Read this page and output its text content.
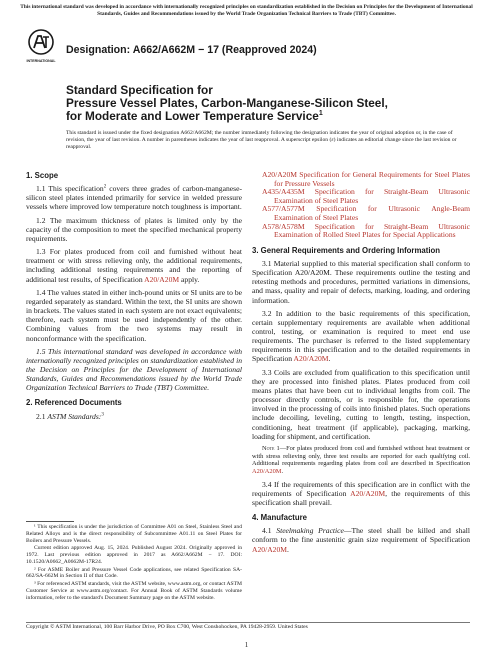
This international standard was developed in accordance with internationally recognized principles on standardization established in the Decision on Principles for the Development of International Standards, Guides and Recommendations issued by the World Trade Organization Technical Barriers to Trade (TBT) Committee.
INTERNATIONAL
Designation: A662/A662M − 17 (Reapproved 2024)
Standard Specification for
Pressure Vessel Plates, Carbon-Manganese-Silicon Steel,
for Moderate and Lower Temperature Service$^1$
This standard is issued under the fixed designation A662/A662M; the number immediately following the designation indicates the year of original adoption or, in the case of revision, the year of last revision. A number in parentheses indicates the year of last reapproval. A superscript epsilon (ε) indicates an editorial change since the last revision or reapproval.
1. Scope

1.1 This specification$^2$ covers three grades of carbon-manganese-silicon steel plates intended primarily for service in welded pressure vessels where improved low temperature notch toughness is important.

1.2 The maximum thickness of plates is limited only by the capacity of the composition to meet the specified mechanical property requirements.

1.3 For plates produced from coil and furnished without heat treatment or with stress relieving only, the additional requirements, including additional testing requirements and the reporting of additional test results, of Specification A20/A20M apply.

1.4 The values stated in either inch-pound units or SI units are to be regarded separately as standard. Within the text, the SI units are shown in brackets. The values stated in each system are not exact equivalents; therefore, each system must be used independently of the other. Combining values from the two systems may result in nonconformance with the specification.

1.5 This international standard was developed in accordance with internationally recognized principles on standardization established in the Decision on Principles for the Development of International Standards, Guides and Recommendations issued by the World Trade Organization Technical Barriers to Trade (TBT) Committee.

2. Referenced Documents

2.1 ASTM Standards:$^3$

¹ This specification is under the jurisdiction of Committee A01 on Steel, Stainless Steel and Related Alloys and is the direct responsibility of Subcommittee A01.11 on Steel Plates for Boilers and Pressure Vessels.

Current edition approved Aug. 15, 2024. Published August 2024. Originally approved in 1972. Last previous edition approved in 2017 as A662/A662M − 17. DOI: 10.1520/A0662_A0662M-17R24.

² For ASME Boiler and Pressure Vessel Code applications, see related Specification SA-662/SA-662M in Section II of that Code.

³ For referenced ASTM standards, visit the ASTM website, www.astm.org, or contact ASTM Customer Service at www.astm.org/contact. For Annual Book of ASTM Standards volume information, refer to the standard's Document Summary page on the ASTM website.

A20/A20M Specification for General Requirements for Steel Plates for Pressure Vessels

A435/A435M Specification for Straight-Beam Ultrasonic Examination of Steel Plates

A577/A577M Specification for Ultrasonic Angle-Beam Examination of Steel Plates

A578/A578M Specification for Straight-Beam Ultrasonic Examination of Rolled Steel Plates for Special Applications

3. General Requirements and Ordering Information

3.1 Material supplied to this material specification shall conform to Specification A20/A20M. These requirements outline the testing and retesting methods and procedures, permitted variations in dimensions, and mass, quality and repair of defects, marking, loading, and ordering information.

3.2 In addition to the basic requirements of this specification, certain supplementary requirements are available when additional control, testing, or examination is required to meet end use requirements. The purchaser is referred to the listed supplementary requirements in this specification and to the detailed requirements in Specification A20/A20M.

3.3 Coils are excluded from qualification to this specification until they are processed into finished plates. Plates produced from coil means plates that have been cut to individual lengths from coil. The processor directly controls, or is responsible for, the operations involved in the processing of coils into finished plates. Such operations include decoiling, leveling, cutting to length, testing, inspection, conditioning, heat treatment (if applicable), packaging, marking, loading for shipment, and certification.

Note 1—For plates produced from coil and furnished without heat treatment or with stress relieving only, three test results are reported for each qualifying coil. Additional requirements regarding plates from coil are described in Specification A20/A20M.

3.4 If the requirements of this specification are in conflict with the requirements of Specification A20/A20M, the requirements of this specification shall prevail.

4. Manufacture

4.1 Steelmaking Practice—The steel shall be killed and shall conform to the fine austenitic grain size requirement of Specification A20/A20M.

Copyright © ASTM International, 100 Barr Harbor Drive, PO Box C700, West Conshohocken, PA 19428-2959. United States
1
